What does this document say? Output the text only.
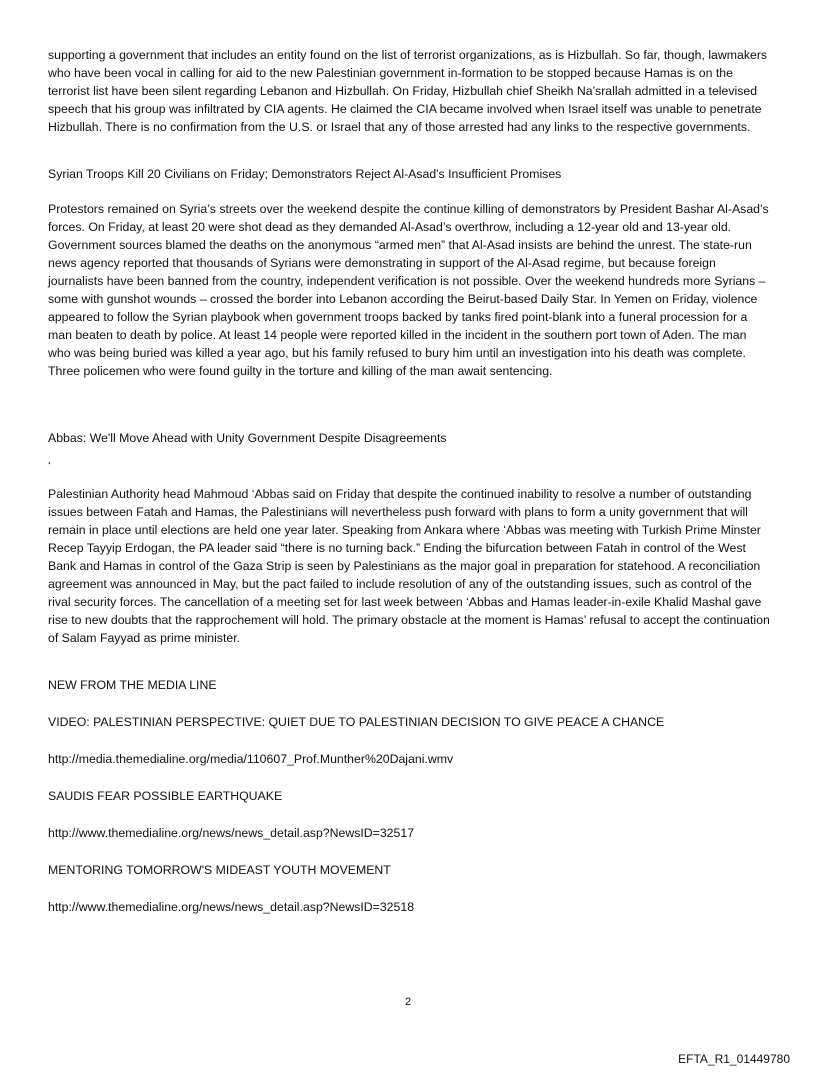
supporting a government that includes an entity found on the list of terrorist organizations, as is Hizbullah. So far, though, lawmakers who have been vocal in calling for aid to the new Palestinian government in-formation to be stopped because Hamas is on the terrorist list have been silent regarding Lebanon and Hizbullah. On Friday, Hizbullah chief Sheikh Na’srallah admitted in a televised speech that his group was infiltrated by CIA agents. He claimed the CIA became involved when Israel itself was unable to penetrate Hizbullah. There is no confirmation from the U.S. or Israel that any of those arrested had any links to the respective governments.

Syrian Troops Kill 20 Civilians on Friday; Demonstrators Reject Al-Asad's Insufficient Promises

Protestors remained on Syria’s streets over the weekend despite the continue killing of demonstrators by President Bashar Al-Asad’s forces. On Friday, at least 20 were shot dead as they demanded Al-Asad’s overthrow, including a 12-year old and 13-year old. Government sources blamed the deaths on the anonymous “armed men” that Al-Asad insists are behind the unrest. The state-run news agency reported that thousands of Syrians were demonstrating in support of the Al-Asad regime, but because foreign journalists have been banned from the country, independent verification is not possible. Over the weekend hundreds more Syrians – some with gunshot wounds – crossed the border into Lebanon according the Beirut-based Daily Star. In Yemen on Friday, violence appeared to follow the Syrian playbook when government troops backed by tanks fired point-blank into a funeral procession for a man beaten to death by police. At least 14 people were reported killed in the incident in the southern port town of Aden. The man who was being buried was killed a year ago, but his family refused to bury him until an investigation into his death was complete. Three policemen who were found guilty in the torture and killing of the man await sentencing.

Abbas: We'll Move Ahead with Unity Government Despite Disagreements

‘

Palestinian Authority head Mahmoud ‘Abbas said on Friday that despite the continued inability to resolve a number of outstanding issues between Fatah and Hamas, the Palestinians will nevertheless push forward with plans to form a unity government that will remain in place until elections are held one year later. Speaking from Ankara where ‘Abbas was meeting with Turkish Prime Minster Recep Tayyip Erdogan, the PA leader said “there is no turning back.” Ending the bifurcation between Fatah in control of the West Bank and Hamas in control of the Gaza Strip is seen by Palestinians as the major goal in preparation for statehood. A reconciliation agreement was announced in May, but the pact failed to include resolution of any of the outstanding issues, such as control of the rival security forces. The cancellation of a meeting set for last week between ‘Abbas and Hamas leader-in-exile Khalid Mashal gave rise to new doubts that the rapprochement will hold. The primary obstacle at the moment is Hamas’ refusal to accept the continuation of Salam Fayyad as prime minister.

NEW FROM THE MEDIA LINE

VIDEO: PALESTINIAN PERSPECTIVE: QUIET DUE TO PALESTINIAN DECISION TO GIVE PEACE A CHANCE

http://media.themedialine.org/media/110607_Prof.Munther%20Dajani.wmv

SAUDIS FEAR POSSIBLE EARTHQUAKE

http://www.themedialine.org/news/news_detail.asp?NewsID=32517

MENTORING TOMORROW'S MIDEAST YOUTH MOVEMENT

http://www.themedialine.org/news/news_detail.asp?NewsID=32518

2
EFTA_R1_01449780
